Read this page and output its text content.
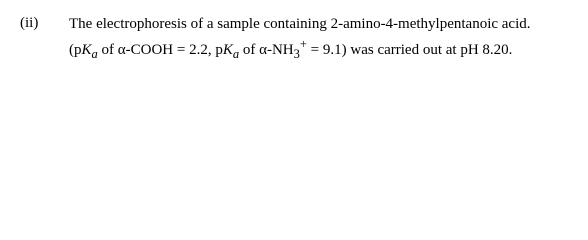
(ii) The electrophoresis of a sample containing 2-amino-4-methylpentanoic acid.
($pK_a$ of α-COOH = 2.2, $pK_a$ of $\alpha-NH_3^+ = 9.1$) was carried out at pH 8.20.
